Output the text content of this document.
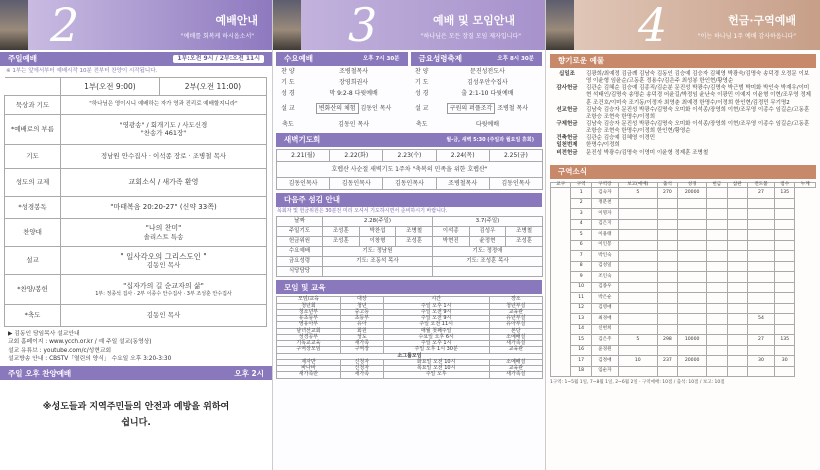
2	예배안내
"예배를 회복케 하시옵소서"
주일예배	1부:오전 9시 / 2부:오전 11시
※ 1부는 앞에서부터 예배시작 10분 전부터 찬양이 시작됩니다.
	1부(오전 9:00)	2부(오전 11:00)
묵상과 기도	"하나님은 영이시니 예배하는 자가 영과 진리로 예배할지니라"	
*예배로의 부름	"영광송" / 회개기도 / 사도신경
"찬송가 461장"	

기도	정남원 안수집사 · 이석종 장로 · 조병철 목사	
성도의 교제	교회소식 / 새가족 환영	
*성경봉독	"마태복음 20:20-27" (신약 33쪽)	
찬양대	"나의 찬미"
솔리스트 특송	

설교	" 일사각오의 그리스도인 "
김동인 목사	

*찬양/봉헌	"십자가의 길 순교자의 삶"
1부: 정종석 집사 · 2부 이종수 안수집사 · 3부 조성훈 안수집사	

*축도	김동인 목사	
▶ 김동인 담임목사 설교안내
교회 홈페이지 : www.ycch.or.kr / 예 주일 설교(동영상)
설교 유튜브 : youtube.com/c/성현교회
설교방송 안내 : CBSTV「열린의 양식」 수요일 오후 3:20-3:30
주일 오후 찬양예배	오후 2시
※성도들과 지역주민들의 안전과 예방을 위하여 쉽니다.
3	예배 및 모임안내
"하나님은 모든 장질 모임 제자입니다"
수요예배	오후 7시 30분
찬 양	조병철목사
기 도	장영희권사
성 경	막 9:2-8 다윗예배
설 교	변화산의 체험 김동인 목사
축도	김동인 목사
금요성령축제	오후 8시 30분
찬 양	문진성전도사
기 도	김성우안수집사
성 경	출 2:1-10 다윗예배
설 교	구원의 퍼플조각 조병철 목사
축도	다윗예배
새벽기도회	월-금, 새벽 5:30 (주일과 월요일 휴회)
2.21(월)	2.22(화)	2.23(수)	2.24(목)	2.25(금)
호렙산 사순절 새벽기도 1주차 "축복의 민족을 위한 호렙산"				
김동인목사	김동인목사	김동인목사	조병철목사	김동인목사
다음주 섬김 안내
목회자 및 헌금위원은 30분전 미리 오셔서 기도하시면서 준비하시기 바랍니다.
날짜	2.28(주일)			3.7(주일)		
주일기도	조성훈	박찬섭	조병철	이석종	김성우	조병철
헌금위원	조성훈	이창형	조성훈	박현진	윤정현	조성훈
수요예배	기도: 정남원			기도: 정정애		
금요성령	기도: 조동석 목사			기도: 조성훈 목사		
식당담당						
모임 및 교육
모임/교육	대상	시간	장소
청년회	청년	주일 오후 1시	청년부실
청소년부	중고등	주일 오전 9시	교육관
유초등부	초등부	주일 오전 9시	유년부실
영유아부	유아	주일 오전 11시	유아부실
남녀선교회	회원	매월 첫째주일	본당
성경공부	성도	수요일 오후 6시	소예배실
기독교교육	새가족	주일 오후 1시	새가족실
구역장모임	구역장	주일 오후 1시 30분	교육관
소그룹모임			
제자반	신청자	화요일 오전 10시	소예배실
바나바	신청자	목요일 오전 10시	교육관
새가족반	새가족	주일 오후	새가족실
4	헌금·구역예배
"이는 하나님 1주 예배 감사하옵니다"
향기로운 예물
십일조	김광희/최예정 김금례 김남숙 김동인 김승예 김승자 김혜영 박광숙/김명숙 송덕경 오정문 이보영 이윤형 임윤순/고동훈 정용수/김은주 최성봉 한인현/황영순
감사헌금	김관순 김혜순 김승예 김종직/김순분 문진성 박광수/김명숙 박근범 박미화 박인숙 박재우/이미현 석태인/김명숙 송명순 송덕경 어윤길/박정임 윤난숙 이광민 이예지 이윤형 이현/조무영 정제훈 조건호/이미숙 조기동/이정자 최영춘 최예경 한명수/이정희 한인현/김정민 무기명2
선교헌금	김남숙 김승자 문진성 박광수/김명숙 오미화 이석종/장영희 이현/조무영 이종수 임길순/고동훈 조항승 조현숙 한명수/이정희
구제헌금	김남숙 김승자 문진성 박광수/김명숙 오미화 이석종/장영희 이현/조무영 이종수 임길순/고동훈 조항승 조현숙 한명수/이정희 한인현/황영순
건축헌금	김관순 김승예 김혜영 이경민
일천번제	한명수/이정희
비전헌금	문진성 박광수/김명숙 이영미 이윤형 정제훈 조병철
구역소식
교구	구역	구역장	보고(예배)	출석	성경	헌금	참관	전도불	점수	누계
	1	김숙자	5	270	20000			27	135	
	2	정분천								
	3	이명자								
	4	김은지								
	5	이용태								
	6	이인봉								
	7	박인숙								
	8	김성일								
	9	조인숙								
	10	김종우								
	11	박은순								
	12	김영애								
	13	최경애						54		
	14	신현희								
	15	김은주	5	298	10000			27	135	
	16	윤경원								
	17	김정애	10	237	20000			30	30	
	18	임순자								
1구역: 1~5월 1일, 7~8월 1일, 2~6월 2일 · 구역예배: 10점 / 출석: 10점 / 보고: 10점
